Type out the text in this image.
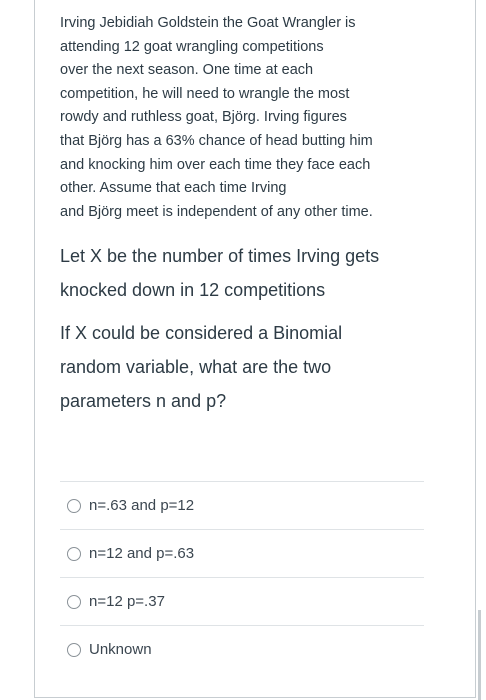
Irving Jebidiah Goldstein the Goat Wrangler is
attending 12 goat wrangling competitions
over the next season. One time at each
competition, he will need to wrangle the most
rowdy and ruthless goat, Björg. Irving figures
that Björg has a 63% chance of head butting him
and knocking him over each time they face each
other. Assume that each time Irving
and Björg meet is independent of any other time.

Let X be the number of times Irving gets
knocked down in 12 competitions

If X could be considered a Binomial
random variable, what are the two
parameters n and p?

n=.63 and p=12
n=12 and p=.63
n=12 p=.37
Unknown
